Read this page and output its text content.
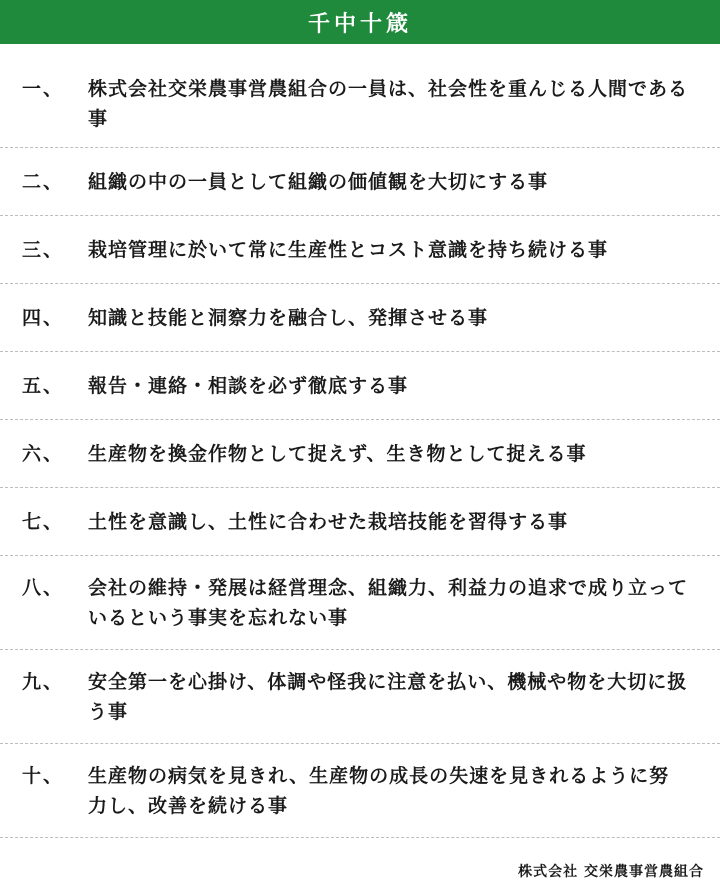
千中十箴
一、 株式会社交栄農事営農組合の一員は、社会性を重んじる人間である事
二、 組織の中の一員として組織の価値観を大切にする事
三、 栽培管理に於いて常に生産性とコスト意識を持ち続ける事
四、 知識と技能と洞察力を融合し、発揮させる事
五、 報告・連絡・相談を必ず徹底する事
六、 生産物を換金作物として捉えず、生き物として捉える事
七、 土性を意識し、土性に合わせた栽培技能を習得する事
八、 会社の維持・発展は経営理念、組織力、利益力の追求で成り立っているという事実を忘れない事
九、 安全第一を心掛け、体調や怪我に注意を払い、機械や物を大切に扱う事
十、 生産物の病気を見きれ、生産物の成長の失速を見きれるように努力し、改善を続ける事
株式会社 交栄農事営農組合
